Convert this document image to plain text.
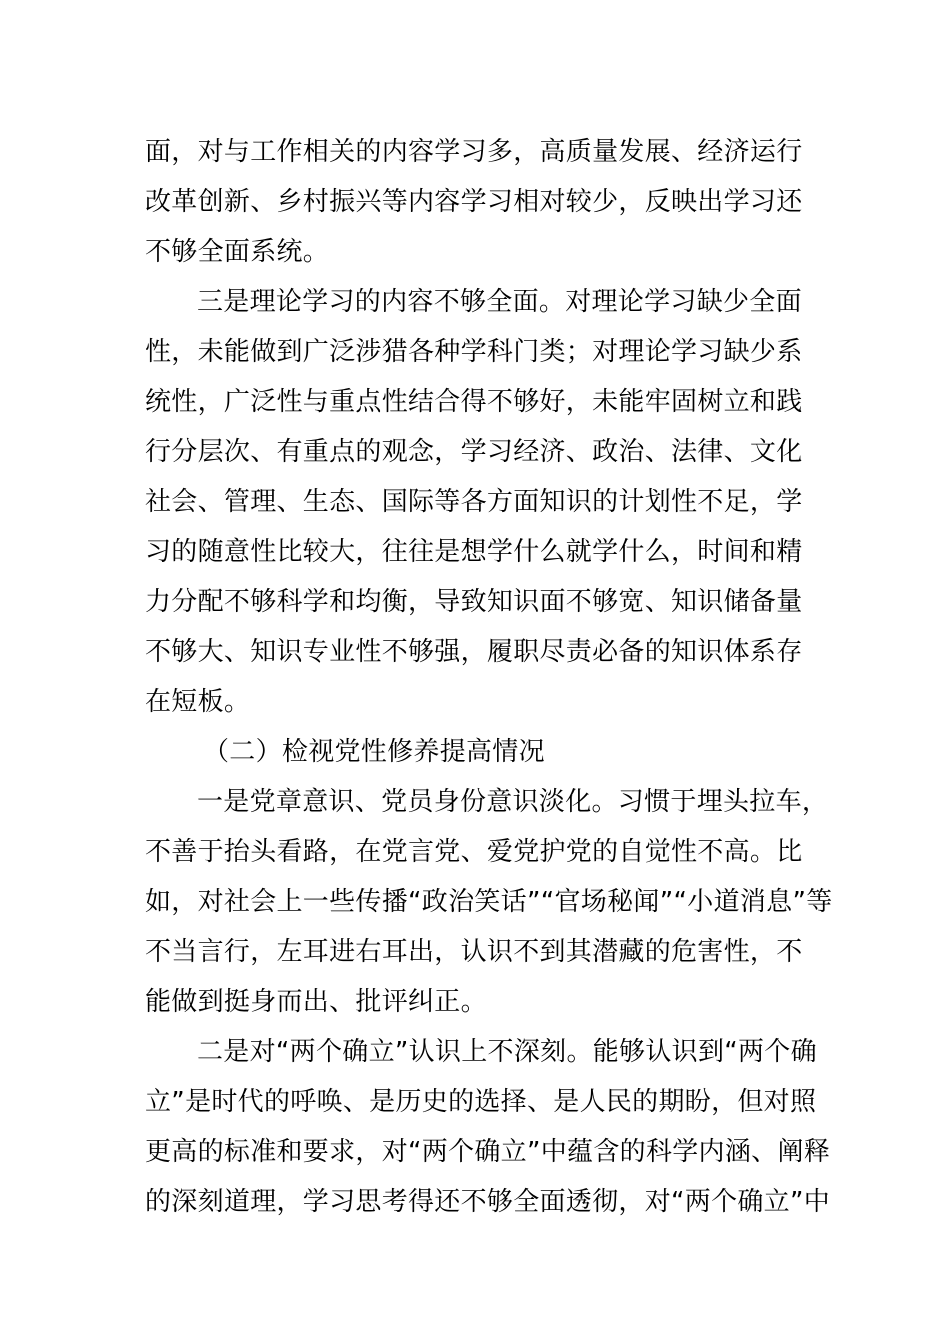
面，对与工作相关的内容学习多，高质量发展、经济运行
改革创新、乡村振兴等内容学习相对较少，反映出学习还
不够全面系统。
三是理论学习的内容不够全面。对理论学习缺少全面
性，未能做到广泛涉猎各种学科门类；对理论学习缺少系
统性，广泛性与重点性结合得不够好，未能牢固树立和践
行分层次、有重点的观念，学习经济、政治、法律、文化
社会、管理、生态、国际等各方面知识的计划性不足，学
习的随意性比较大，往往是想学什么就学什么，时间和精
力分配不够科学和均衡，导致知识面不够宽、知识储备量
不够大、知识专业性不够强，履职尽责必备的知识体系存
在短板。
（二）检视党性修养提高情况
一是党章意识、党员身份意识淡化。习惯于埋头拉车，
不善于抬头看路，在党言党、爱党护党的自觉性不高。比
如，对社会上一些传播“政治笑话”“官场秘闻”“小道消息”等
不当言行，左耳进右耳出，认识不到其潜藏的危害性，不
能做到挺身而出、批评纠正。
二是对“两个确立”认识上不深刻。能够认识到“两个确
立”是时代的呼唤、是历史的选择、是人民的期盼，但对照
更高的标准和要求，对“两个确立”中蕴含的科学内涵、阐释
的深刻道理，学习思考得还不够全面透彻，对“两个确立”中
